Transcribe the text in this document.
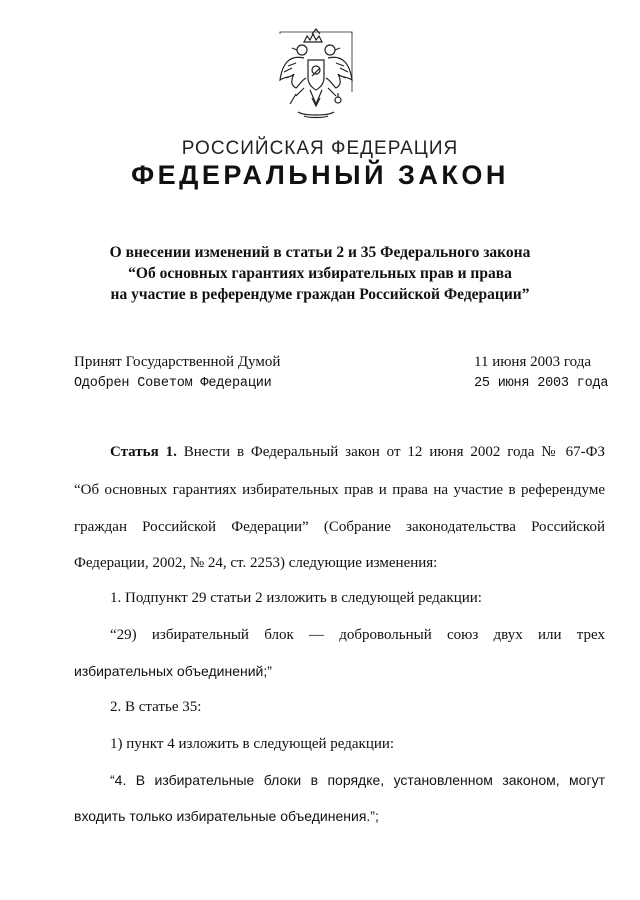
РОССИЙСКАЯ ФЕДЕРАЦИЯ
ФЕДЕРАЛЬНЫЙ ЗАКОН
О внесении изменений в статьи 2 и 35 Федерального закона
“Об основных гарантиях избирательных прав и права
на участие в референдуме граждан Российской Федерации”
Принят Государственной Думой	11 июня 2003 года
Одобрен Советом Федерации	25 июня 2003 года
Статья 1. Внести в Федеральный закон от 12 июня 2002 года № 67-ФЗ
“Об основных гарантиях избирательных прав и права на участие в референдуме
граждан Российской Федерации” (Собрание законодательства Российской
Федерации, 2002, № 24, ст. 2253) следующие изменения:
1. Подпункт 29 статьи 2 изложить в следующей редакции:
“29) избирательный блок — добровольный союз двух или трех
избирательных объединений;”
2. В статье 35:
1) пункт 4 изложить в следующей редакции:
“4. В избирательные блоки в порядке, установленном законом, могут
входить только избирательные объединения.”;
